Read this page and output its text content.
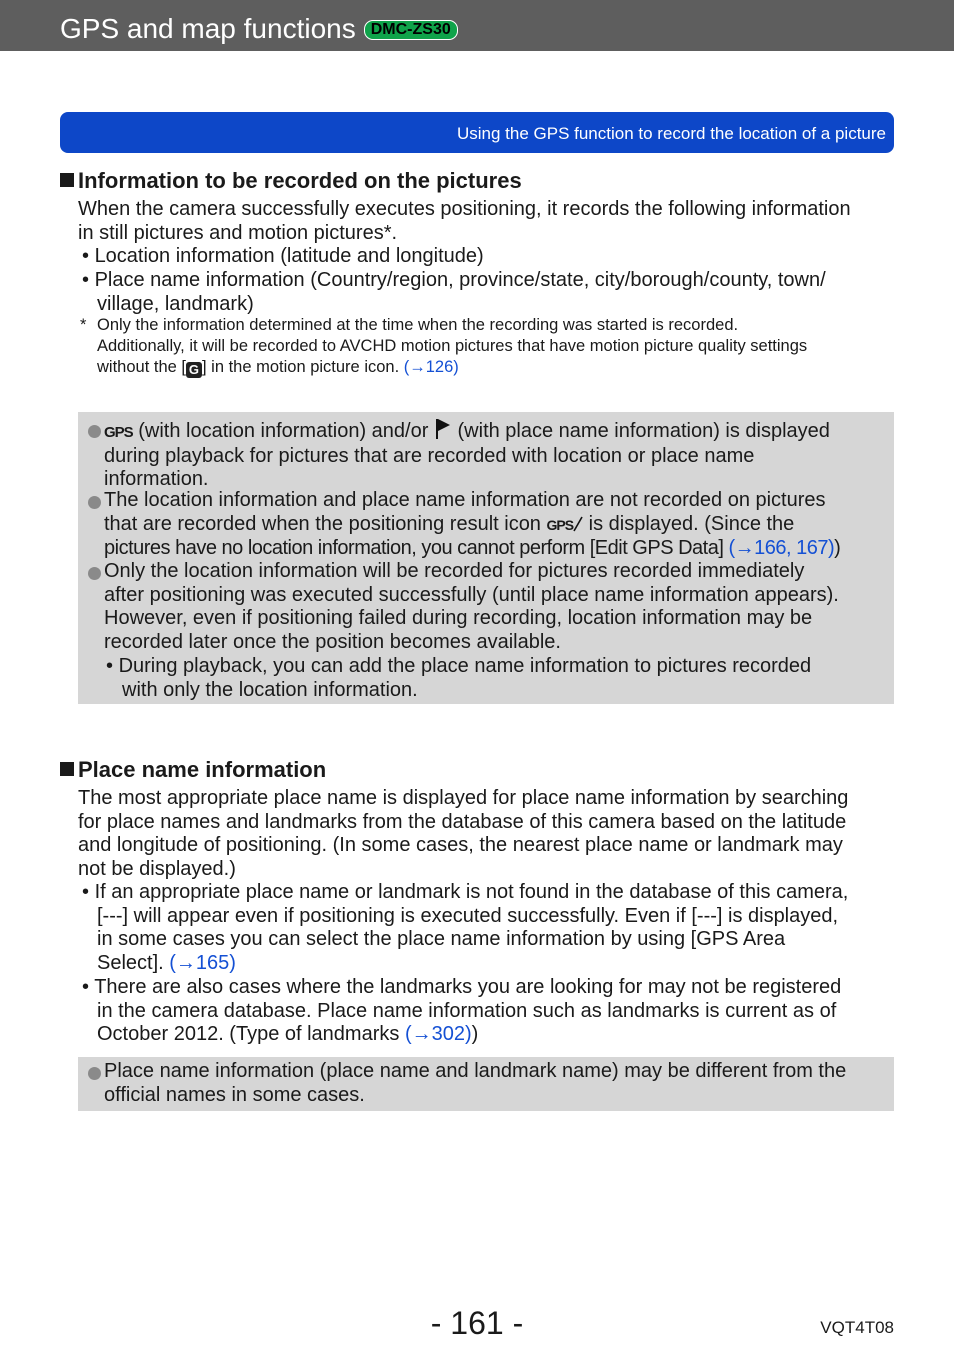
GPS and map functions DMC-ZS30
Using the GPS function to record the location of a picture
Information to be recorded on the pictures
When the camera successfully executes positioning, it records the following information
in still pictures and motion pictures*.
• Location information (latitude and longitude)
• Place name information (Country/region, province/state, city/borough/county, town/
village, landmark)
* Only the information determined at the time when the recording was started is recorded.
Additionally, it will be recorded to AVCHD motion pictures that have motion picture quality settings
without the [ G ] in the motion picture icon. (→126)
GPS (with location information) and/or (with place name information) is displayed
during playback for pictures that are recorded with location or place name
information.
The location information and place name information are not recorded on pictures
that are recorded when the positioning result icon GPS is displayed. (Since the
pictures have no location information, you cannot perform [Edit GPS Data] (→166, 167))
Only the location information will be recorded for pictures recorded immediately
after positioning was executed successfully (until place name information appears).
However, even if positioning failed during recording, location information may be
recorded later once the position becomes available.
• During playback, you can add the place name information to pictures recorded
with only the location information.
Place name information
The most appropriate place name is displayed for place name information by searching
for place names and landmarks from the database of this camera based on the latitude
and longitude of positioning. (In some cases, the nearest place name or landmark may
not be displayed.)
• If an appropriate place name or landmark is not found in the database of this camera,
[---] will appear even if positioning is executed successfully. Even if [---] is displayed,
in some cases you can select the place name information by using [GPS Area
Select]. (→165)
• There are also cases where the landmarks you are looking for may not be registered
in the camera database. Place name information such as landmarks is current as of
October 2012. (Type of landmarks (→302))
Place name information (place name and landmark name) may be different from the
official names in some cases.
- 161 -	VQT4T08
